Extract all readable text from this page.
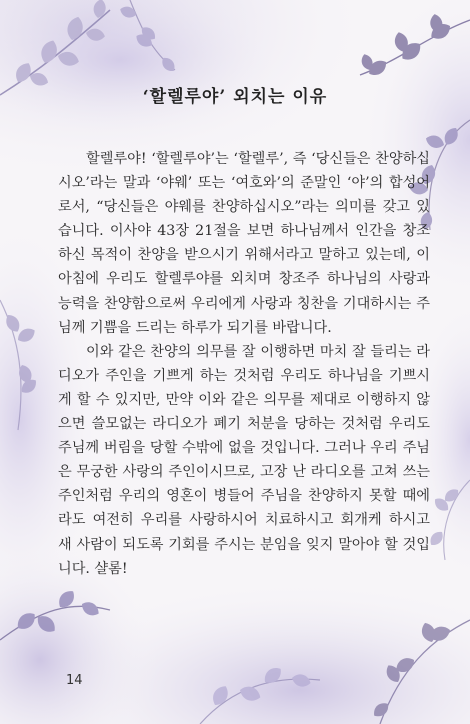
‘할렐루야’ 외치는 이유

할렐루야! ‘할렐루야’는 ‘할렐루’, 즉 ‘당신들은 찬양하십시오’라는 말과 ‘야웨’ 또는 ‘여호와’의 준말인 ‘야’의 합성어로서, “당신들은 야웨를 찬양하십시오”라는 의미를 갖고 있습니다. 이사야 43장 21절을 보면 하나님께서 인간을 창조하신 목적이 찬양을 받으시기 위해서라고 말하고 있는데, 이 아침에 우리도 할렐루야를 외치며 창조주 하나님의 사랑과 능력을 찬양함으로써 우리에게 사랑과 칭찬을 기대하시는 주님께 기쁨을 드리는 하루가 되기를 바랍니다.

이와 같은 찬양의 의무를 잘 이행하면 마치 잘 들리는 라디오가 주인을 기쁘게 하는 것처럼 우리도 하나님을 기쁘시게 할 수 있지만, 만약 이와 같은 의무를 제대로 이행하지 않으면 쓸모없는 라디오가 폐기 처분을 당하는 것처럼 우리도 주님께 버림을 당할 수밖에 없을 것입니다. 그러나 우리 주님은 무궁한 사랑의 주인이시므로, 고장 난 라디오를 고쳐 쓰는 주인처럼 우리의 영혼이 병들어 주님을 찬양하지 못할 때에라도 여전히 우리를 사랑하시어 치료하시고 회개케 하시고 새 사람이 되도록 기회를 주시는 분임을 잊지 말아야 할 것입니다. 샬롬!

14
